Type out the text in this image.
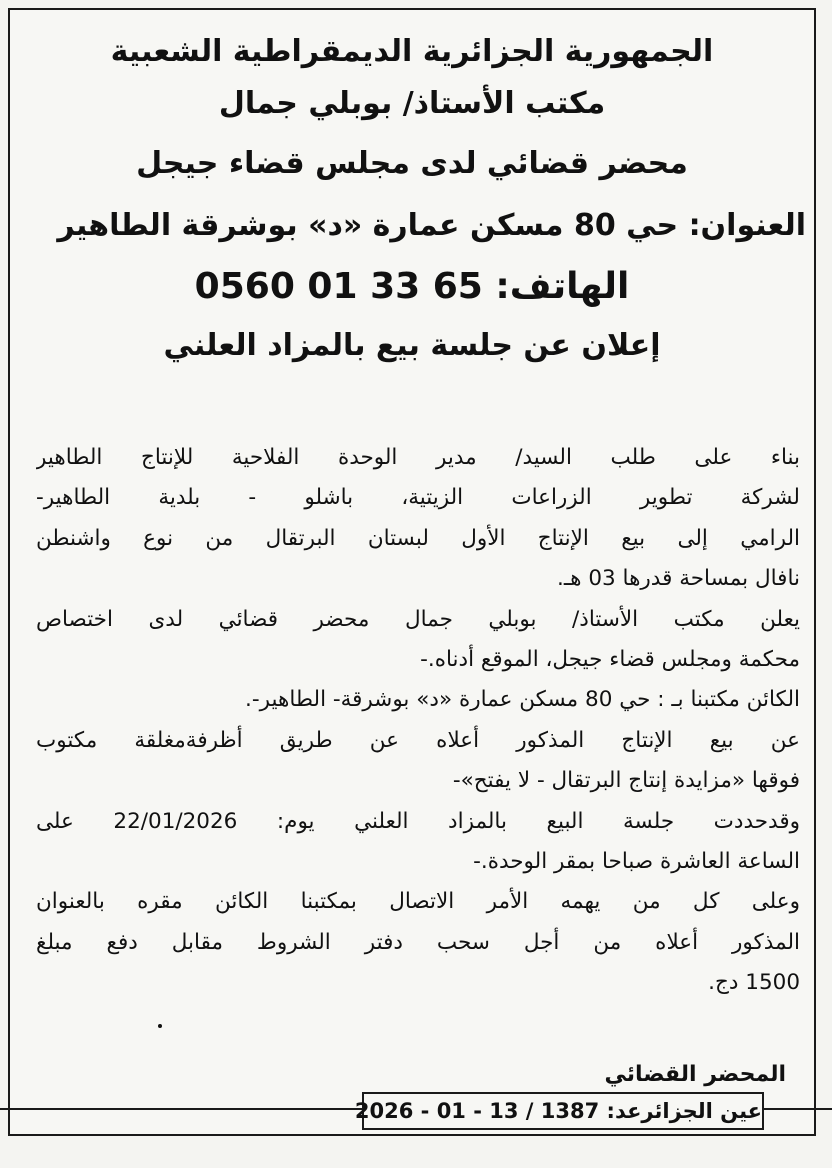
الجمهورية الجزائرية الديمقراطية الشعبية
مكتب الأستاذ/ بوبلي جمال
محضر قضائي لدى مجلس قضاء جيجل
العنوان: حي 80 مسكن عمارة «د» بوشرقة الطاهير
الهاتف: 65 33 01 0560
إعلان عن جلسة بيع بالمزاد العلني
بناء على طلب السيد/ مدير الوحدة الفلاحية للإنتاج الطاهير
لشركة تطوير الزراعات الزيتية، باشلو - بلدية الطاهير-
الرامي إلى بيع الإنتاج الأول لبستان البرتقال من نوع واشنطن
نافال بمساحة قدرها 03 هـ.
يعلن مكتب الأستاذ/ بوبلي جمال محضر قضائي لدى اختصاص
محكمة ومجلس قضاء جيجل، الموقع أدناه.-
الكائن مكتبنا بـ : حي 80 مسكن عمارة «د» بوشرقة- الطاهير-.
عن بيع الإنتاج المذكور أعلاه عن طريق أظرفةمغلقة مكتوب
فوقها «مزايدة إنتاج البرتقال - لا يفتح»-
وقدحددت جلسة البيع بالمزاد العلني يوم: 22/01/2026 على
الساعة العاشرة صباحا بمقر الوحدة.-
وعلى كل من يهمه الأمر الاتصال بمكتبنا الكائن مقره بالعنوان
المذكور أعلاه من أجل سحب دفتر الشروط مقابل دفع مبلغ
1500 دج.
المحضر القضائي
عين الجزائرعد: 1387 / 13 - 01 - 2026
